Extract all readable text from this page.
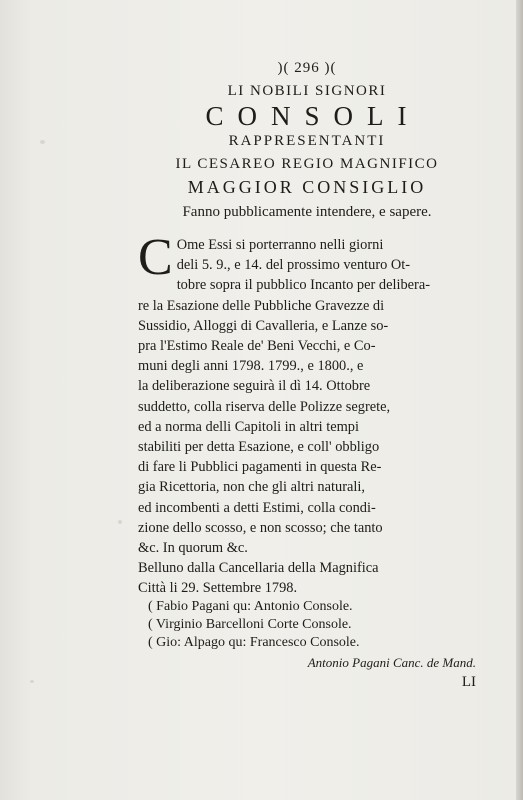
)( 296 )(
LI NOBILI SIGNORI
CONSOLI
RAPPRESENTANTI
IL CESAREO REGIO MAGNIFICO
MAGGIOR CONSIGLIO
Fanno pubblicamente intendere, e sapere.
C Ome Essi si porterranno nelli giorni
deli 5. 9., e 14. del prossimo venturo Ot-
tobre sopra il pubblico Incanto per delibera-
re la Esazione delle Pubbliche Gravezze di
Sussidio, Alloggi di Cavalleria, e Lanze so-
pra l'Estimo Reale de' Beni Vecchi, e Co-
muni degli anni 1798. 1799., e 1800., e
la deliberazione seguirà il dì 14. Ottobre
suddetto, colla riserva delle Polizze segrete,
ed a norma delli Capitoli in altri tempi
stabiliti per detta Esazione, e coll' obbligo
di fare li Pubblici pagamenti in questa Re-
gia Ricettoria, non che gli altri naturali,
ed incombenti a detti Estimi, colla condi-
zione dello scosso, e non scosso; che tanto
&c. In quorum &c.
Belluno dalla Cancellaria della Magnifica
Città li 29. Settembre 1798.
( Fabio Pagani qu: Antonio Console.
( Virginio Barcelloni Corte Console.
( Gio: Alpago qu: Francesco Console.
Antonio Pagani Canc. de Mand.
LI
